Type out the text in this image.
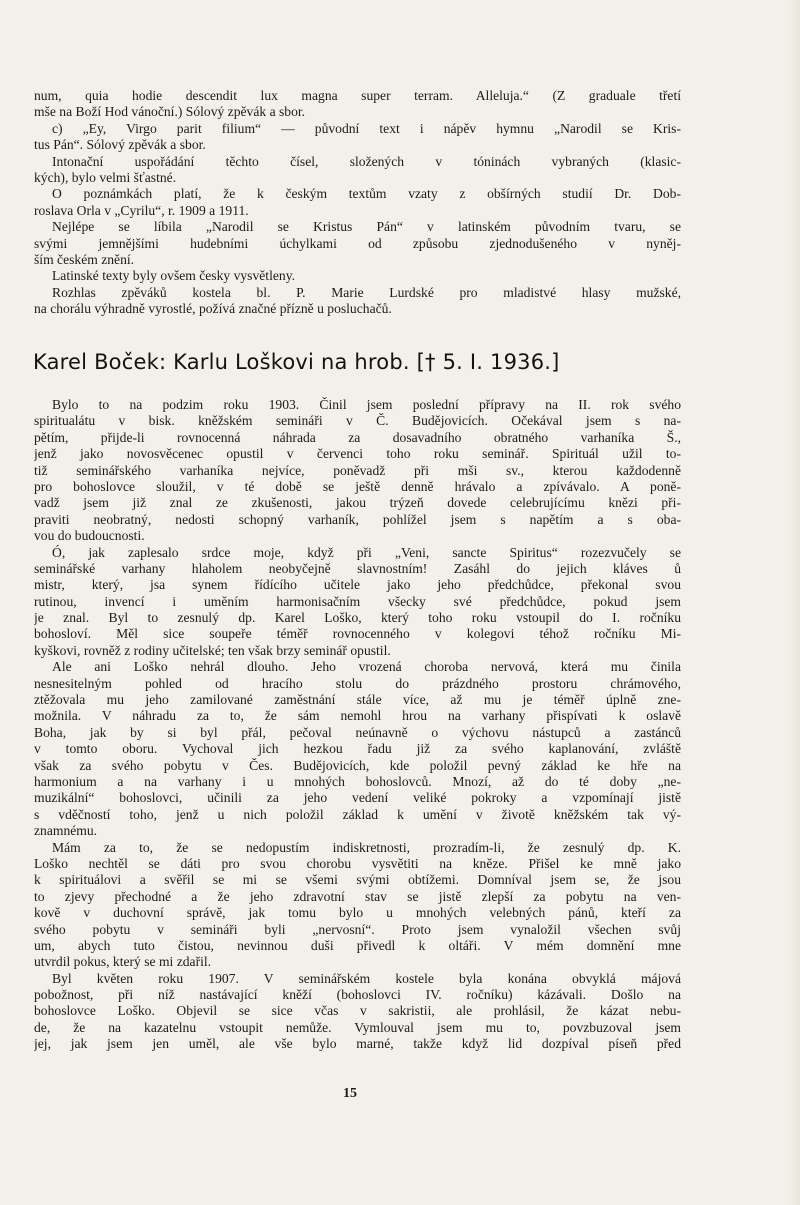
num, quia hodie descendit lux magna super terram. Alleluja.“ (Z graduale třetí
mše na Boží Hod vánoční.) Sólový zpěvák a sbor.
c) „Ey, Virgo parit filium“ — původní text i nápěv hymnu „Narodil se Kris-
tus Pán“. Sólový zpěvák a sbor.
Intonační uspořádání těchto čísel, složených v tóninách vybraných (klasic-
kých), bylo velmi šťastné.
O poznámkách platí, že k českým textům vzaty z obšírných studií Dr. Dob-
roslava Orla v „Cyrilu“, r. 1909 a 1911.
Nejlépe se líbila „Narodil se Kristus Pán“ v latinském původním tvaru, se
svými jemnějšími hudebními úchylkami od způsobu zjednodušeného v nyněj-
ším českém znění.
Latinské texty byly ovšem česky vysvětleny.
Rozhlas zpěváků kostela bl. P. Marie Lurdské pro mladistvé hlasy mužské,
na chorálu výhradně vyrostlé, požívá značné přízně u posluchačů.
Karel Boček: Karlu Loškovi na hrob. [† 5. I. 1936.]
Bylo to na podzim roku 1903. Činil jsem poslední přípravy na II. rok svého
spiritualátu v bisk. kněžském semináři v Č. Budějovicích. Očekával jsem s na-
pětím, přijde-li rovnocenná náhrada za dosavadního obratného varhaníka Š.,
jenž jako novosvěcenec opustil v červenci toho roku seminář. Spirituál užil to-
tiž seminářského varhaníka nejvíce, poněvadž při mši sv., kterou každodenně
pro bohoslovce sloužil, v té době se ještě denně hrávalo a zpívávalo. A poně-
vadž jsem již znal ze zkušenosti, jakou trýzeň dovede celebrujícímu knězi při-
praviti neobratný, nedosti schopný varhaník, pohlížel jsem s napětím a s oba-
vou do budoucnosti.
Ó, jak zaplesalo srdce moje, když při „Veni, sancte Spiritus“ rozezvučely se
seminářské varhany hlaholem neobyčejně slavnostním! Zasáhl do jejich kláves ů
mistr, který, jsa synem řídícího učitele jako jeho předchůdce, překonal svou
rutinou, invencí i uměním harmonisačním všecky své předchůdce, pokud jsem
je znal. Byl to zesnulý dp. Karel Loško, který toho roku vstoupil do I. ročníku
bohosloví. Měl sice soupeře téměř rovnocenného v kolegovi téhož ročníku Mi-
kyškovi, rovněž z rodiny učitelské; ten však brzy seminář opustil.
Ale ani Loško nehrál dlouho. Jeho vrozená choroba nervová, která mu činila
nesnesitelným pohled od hracího stolu do prázdného prostoru chrámového,
ztěžovala mu jeho zamilované zaměstnání stále více, až mu je téměř úplně zne-
možnila. V náhradu za to, že sám nemohl hrou na varhany přispívati k oslavě
Boha, jak by si byl přál, pečoval neúnavně o výchovu nástupců a zastánců
v tomto oboru. Vychoval jich hezkou řadu již za svého kaplanování, zvláště
však za svého pobytu v Čes. Budějovicích, kde položil pevný základ ke hře na
harmonium a na varhany i u mnohých bohoslovců. Mnozí, až do té doby „ne-
muzikální“ bohoslovci, učinili za jeho vedení veliké pokroky a vzpomínají jistě
s vděčností toho, jenž u nich položil základ k umění v životě kněžském tak vý-
znamnému.
Mám za to, že se nedopustím indiskretnosti, prozradím-li, že zesnulý dp. K.
Loško nechtěl se dáti pro svou chorobu vysvětiti na kněze. Přišel ke mně jako
k spirituálovi a svěřil se mi se všemi svými obtížemi. Domníval jsem se, že jsou
to zjevy přechodné a že jeho zdravotní stav se jistě zlepší za pobytu na ven-
kově v duchovní správě, jak tomu bylo u mnohých velebných pánů, kteří za
svého pobytu v semináři byli „nervosní“. Proto jsem vynaložil všechen svůj
um, abych tuto čistou, nevinnou duši přivedl k oltáři. V mém domnění mne
utvrdil pokus, který se mi zdařil.
Byl květen roku 1907. V seminářském kostele byla konána obvyklá májová
pobožnost, při níž nastávající kněží (bohoslovci IV. ročníku) kázávali. Došlo na
bohoslovce Loško. Objevil se sice včas v sakristii, ale prohlásil, že kázat nebu-
de, že na kazatelnu vstoupit nemůže. Vymlouval jsem mu to, povzbuzoval jsem
jej, jak jsem jen uměl, ale vše bylo marné, takže když lid dozpíval píseň před
15
